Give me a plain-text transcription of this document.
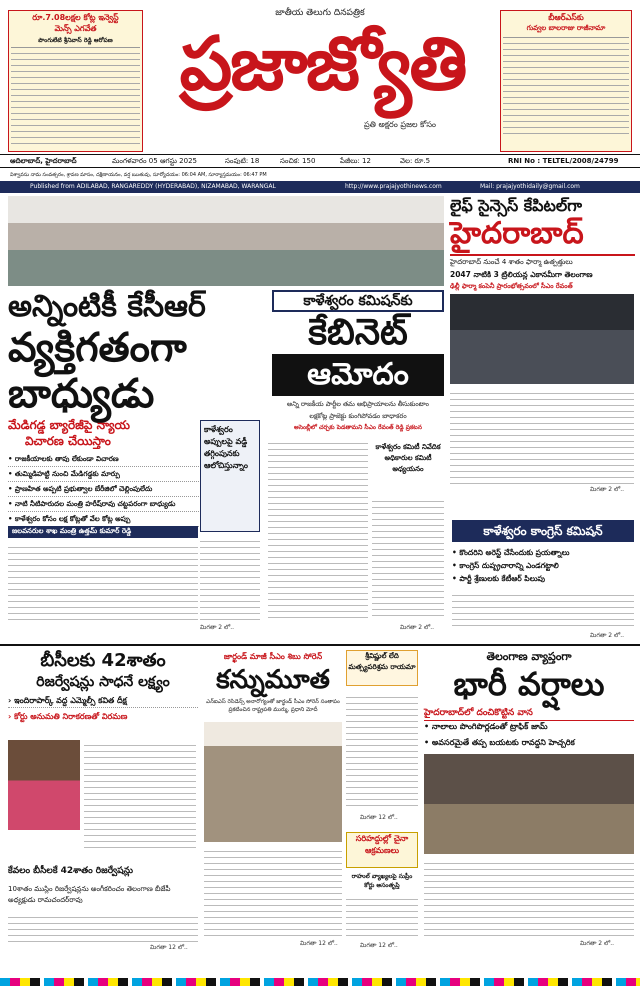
రూ.7.08లక్షల కోట్ల ఇన్వెస్ట్
మెన్స్ ఎగవేత
పొంగులేటి శ్రీనివాస్ రెడ్డి ఆరోపణ
జాతీయ తెలుగు దినపత్రిక
ప్రజాజ్యోతి
ప్రతి అక్షరం ప్రజల కోసం
బీఆర్ఎస్‌కు
గువ్వల బాలరాజు రాజీనామా
ఆదిలాబాద్, హైదరాబాద్	మంగళవారం 05 ఆగస్టు 2025	సంపుటి: 18	సంచిక: 150	పేజీలు: 12	వెల: రూ.5	RNI No : TELTEL/2008/24799
విశ్వావసు నామ సంవత్సరం, శ్రావణ మాసం, దక్షిణాయనం, వర్ష ఋతువు, సూర్యోదయం: 06:04 AM, సూర్యాస్తమయం: 06:47 PM
Published from ADILABAD, RANGAREDDY (HYDERABAD), NIZAMABAD, WARANGAL	http://www.prajajyothinews.com	Mail: prajajyothidaily@gmail.com
లైఫ్ సైన్సెస్ కేపిటల్‌గా
హైదరాబాద్
హైదరాబాద్ నుంచే 4 శాతం ఫార్మా ఉత్పత్తులు
2047 నాటికి 3 ట్రిలియన్ల ఎకానమీగా తెలంగాణ
ఢిల్లీ ఫార్మా కంపెనీ ప్రారంభోత్సవంలో సీఎం రేవంత్
మిగతా 2 లో..
అన్నింటికీ కేసీఆర్
వ్యక్తిగతంగా
బాధ్యుడు
మేడిగడ్డ బ్యారేజీపై న్యాయ
విచారణ చేయిస్తాం
• రాజకీయాలకు తావు లేకుండా విచారణ
• తుమ్మిడిహట్టి నుంచి మేడిగడ్డకు మార్పు
• ప్రాణహిత అప్పటి ప్రభుత్వాల బేరీజిలో చెల్లింపులేదు
• నాటి నీటిపారుదల మంత్రి హరీష్‌రావు చట్టపరంగా బాధ్యుడు
• కాళేశ్వరం కోసం లక్ష కోట్లతో వేల కోట్ల అప్పు
జలవనరుల శాఖ మంత్రి ఉత్తమ్ కుమార్ రెడ్డి
కాళేశ్వరం అప్పులపై వడ్డీ తగ్గింపునకు ఆలోచిస్తున్నాం
మిగతా 2 లో..
కాళేశ్వరం కమిషన్‌కు
కేబినెట్
ఆమోదం
అన్ని రాజకీయ పార్టీల తమ అభిప్రాయాలను తీసుకుంటాం
లక్షకోట్ల ప్రాజెక్టు కుంగిపోవడం బాధాకరం
అసెంబ్లీలో చర్చకు పెడతామని సీఎం రేవంత్ రెడ్డి ప్రకటన
కాళేశ్వరం కమిటీ నివేదిక అధికారుల కమిటీ అధ్యయనం
మిగతా 2 లో..
కాళేశ్వరం కాంగ్రెస్ కమిషన్
• కొందరిని అరెస్ట్ చేసేందుకు ప్రయత్నాలు
• కాంగ్రెస్ దుష్ప్రచారాన్ని ఎండగట్టాలి
• పార్టీ శ్రేణులకు కేటీఆర్ పిలుపు
మిగతా 2 లో..
బీసీలకు 42శాతం
రిజర్వేషన్లు సాధనే లక్ష్యం
› ఇందిరాపార్క్ వద్ద ఎమ్మెల్సీ కవిత దీక్ష
› కోర్టు అనుమతి నిరాకరణతో విరమణ
కేవలం బీసీలకే 42శాతం రిజర్వేషన్లు
10శాతం ముస్లిం రిజర్వేషన్లను అంగీకరించం తెలంగాణ బీజేపీ అధ్యక్షుడు రామచందర్‌రావు
మిగతా 12 లో..
జార్ఖండ్ మాజీ సీఎం శిబు సోరెన్
కన్నుమూత
ఎన్ఐఎస్ రెసిడెన్స్ అనారోగ్యంతో జార్ఖండ్ సీఎం సోరెన్ సంతాపం ప్రకటించిన రాష్ట్రపతి ముర్ము, ప్రధాని మోదీ
మిగతా 12 లో..
శ్రీవిష్ణుల్ లేది మత్స్యపరిశ్రమ రాయమా
మిగతా 12 లో..
సరిహద్దుల్లో చైనా ఆక్రమణలు
రాహుల్ వ్యాఖ్యలపై సుప్రీం కోర్టు అసంతృప్తి
మిగతా 12 లో..
తెలంగాణ వ్యాప్తంగా
భారీ వర్షాలు
హైదరాబాద్‌లో దంచికొట్టిన వాన
• నాలాలు పొంగిపొర్లడంతో ట్రాఫిక్ జామ్
• అవసరమైతే తప్ప బయటకు రావద్దని హెచ్చరిక
మిగతా 2 లో..
